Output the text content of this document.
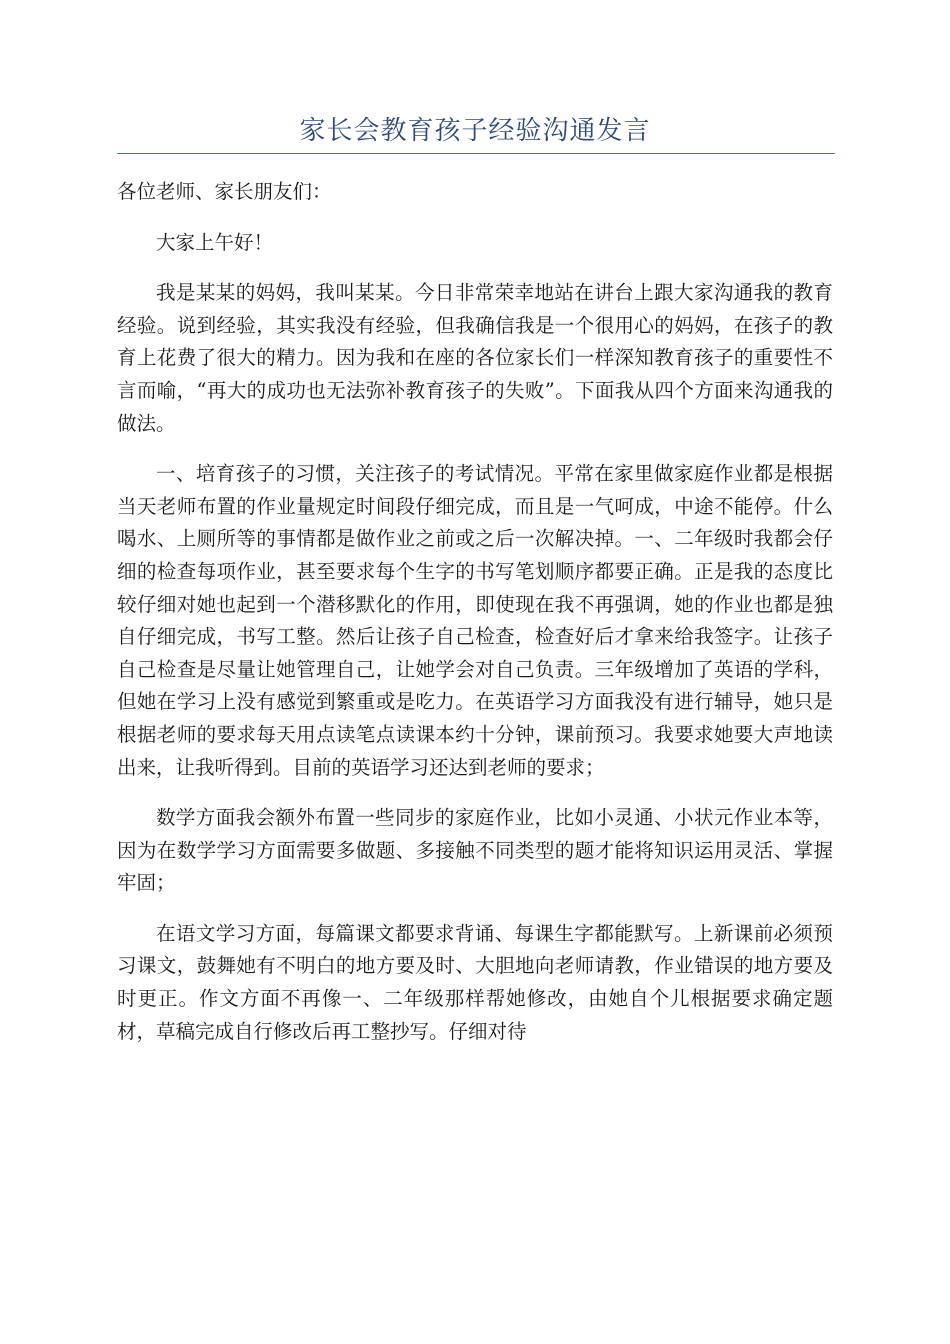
家长会教育孩子经验沟通发言

各位老师、家长朋友们：

大家上午好！

我是某某的妈妈，我叫某某。今日非常荣幸地站在讲台上跟大家沟通我的教育经验。说到经验，其实我没有经验，但我确信我是一个很用心的妈妈，在孩子的教育上花费了很大的精力。因为我和在座的各位家长们一样深知教育孩子的重要性不言而喻，“再大的成功也无法弥补教育孩子的失败”。下面我从四个方面来沟通我的做法。

一、培育孩子的习惯，关注孩子的考试情况。平常在家里做家庭作业都是根据当天老师布置的作业量规定时间段仔细完成，而且是一气呵成，中途不能停。什么喝水、上厕所等的事情都是做作业之前或之后一次解决掉。一、二年级时我都会仔细的检查每项作业，甚至要求每个生字的书写笔划顺序都要正确。正是我的态度比较仔细对她也起到一个潜移默化的作用，即使现在我不再强调，她的作业也都是独自仔细完成，书写工整。然后让孩子自己检查，检查好后才拿来给我签字。让孩子自己检查是尽量让她管理自己，让她学会对自己负责。三年级增加了英语的学科，但她在学习上没有感觉到繁重或是吃力。在英语学习方面我没有进行辅导，她只是根据老师的要求每天用点读笔点读课本约十分钟，课前预习。我要求她要大声地读出来，让我听得到。目前的英语学习还达到老师的要求；

数学方面我会额外布置一些同步的家庭作业，比如小灵通、小状元作业本等，因为在数学学习方面需要多做题、多接触不同类型的题才能将知识运用灵活、掌握牢固；

在语文学习方面，每篇课文都要求背诵、每课生字都能默写。上新课前必须预习课文，鼓舞她有不明白的地方要及时、大胆地向老师请教，作业错误的地方要及时更正。作文方面不再像一、二年级那样帮她修改，由她自个儿根据要求确定题材，草稿完成自行修改后再工整抄写。仔细对待
